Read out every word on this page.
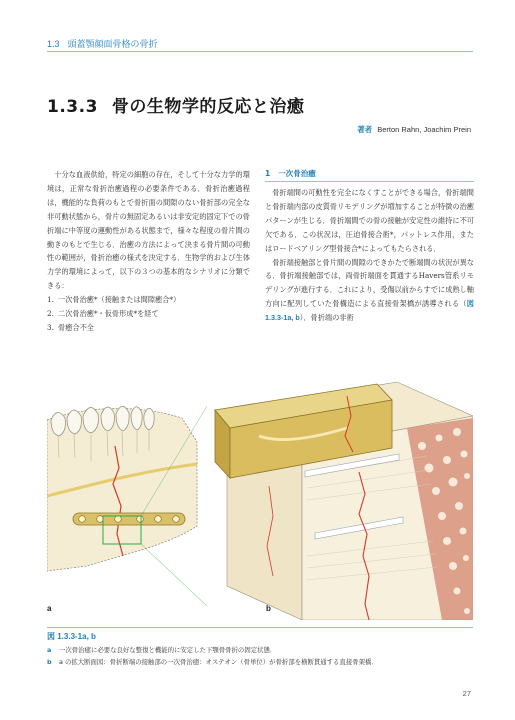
1.3 頭蓋顎顔面骨格の骨折
1.3.3 骨の生物学的反応と治癒
著者 Berton Rahn, Joachim Prein

十分な血液供給，特定の細胞の存在，そして十分な力学的環境は，正常な骨折治癒過程の必要条件である．骨折治癒過程は，機能的な負荷のもとで骨折面の間隙のない骨折部の完全な非可動状態から，骨片の無固定あるいは非安定的固定下での骨折端に中等度の運動性がある状態まで，様々な程度の骨片間の動きのもとで生じる．治癒の方法によって決まる骨片間の可動性の範囲が，骨折治癒の様式を決定する．生物学的および生体力学的環境によって，以下の３つの基本的なシナリオに分類できる：

1. 一次骨治癒*（接触または間隙癒合*）
2. 二次骨治癒*・仮骨形成*を経て
3. 骨癒合不全
1 一次骨治癒

骨折端間の可動性を完全になくすことができる場合，骨折端間と骨折端内部の皮質骨リモデリングが増加することが特徴の治癒パターンが生じる．骨折端間での骨の接触が安定性の維持に不可欠である．この状況は，圧迫骨接合術*，パットレス作用，またはロードベアリング型骨接合*によってもたらされる．

骨折端接触部と骨片間の間隙のできかたで断端間の状況が異なる．骨折端接触部では，両骨折端面を貫通するHavers管系リモデリングが進行する．これにより，受傷以前からすでに成熟し軸方向に配列していた骨構造による直接骨架橋が誘導される（図 1.3.3-1a, b）．骨折端の非術

a	b
図 1.3.3-1a, b
a 一次骨治癒に必要な良好な整復と機能的に安定した下顎骨骨折の固定状態．
b a の拡大断面図：骨折断端の接触部の一次骨治癒：オステオン（骨単位）が骨折部を横断貫通する直接骨架橋．
27
